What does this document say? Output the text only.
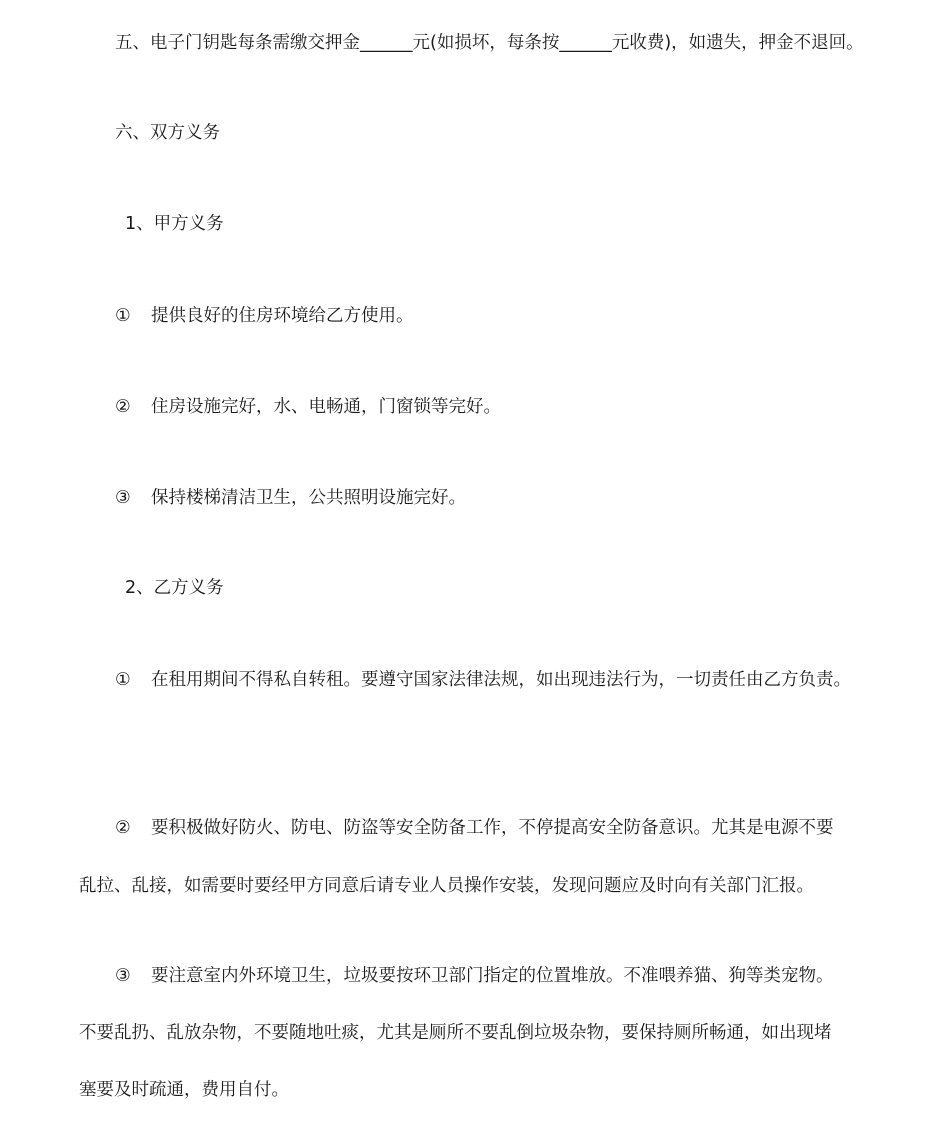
五、电子门钥匙每条需缴交押金______元(如损坏，每条按______元收费)，如遗失，押金不退回。
六、双方义务
1、甲方义务
① 提供良好的住房环境给乙方使用。
② 住房设施完好，水、电畅通，门窗锁等完好。
③ 保持楼梯清洁卫生，公共照明设施完好。
2、乙方义务
① 在租用期间不得私自转租。要遵守国家法律法规，如出现违法行为，一切责任由乙方负责。
② 要积极做好防火、防电、防盗等安全防备工作，不停提高安全防备意识。尤其是电源不要
乱拉、乱接，如需要时要经甲方同意后请专业人员操作安装，发现问题应及时向有关部门汇报。
③ 要注意室内外环境卫生，垃圾要按环卫部门指定的位置堆放。不准喂养猫、狗等类宠物。
不要乱扔、乱放杂物，不要随地吐痰，尤其是厕所不要乱倒垃圾杂物，要保持厕所畅通，如出现堵
塞要及时疏通，费用自付。
